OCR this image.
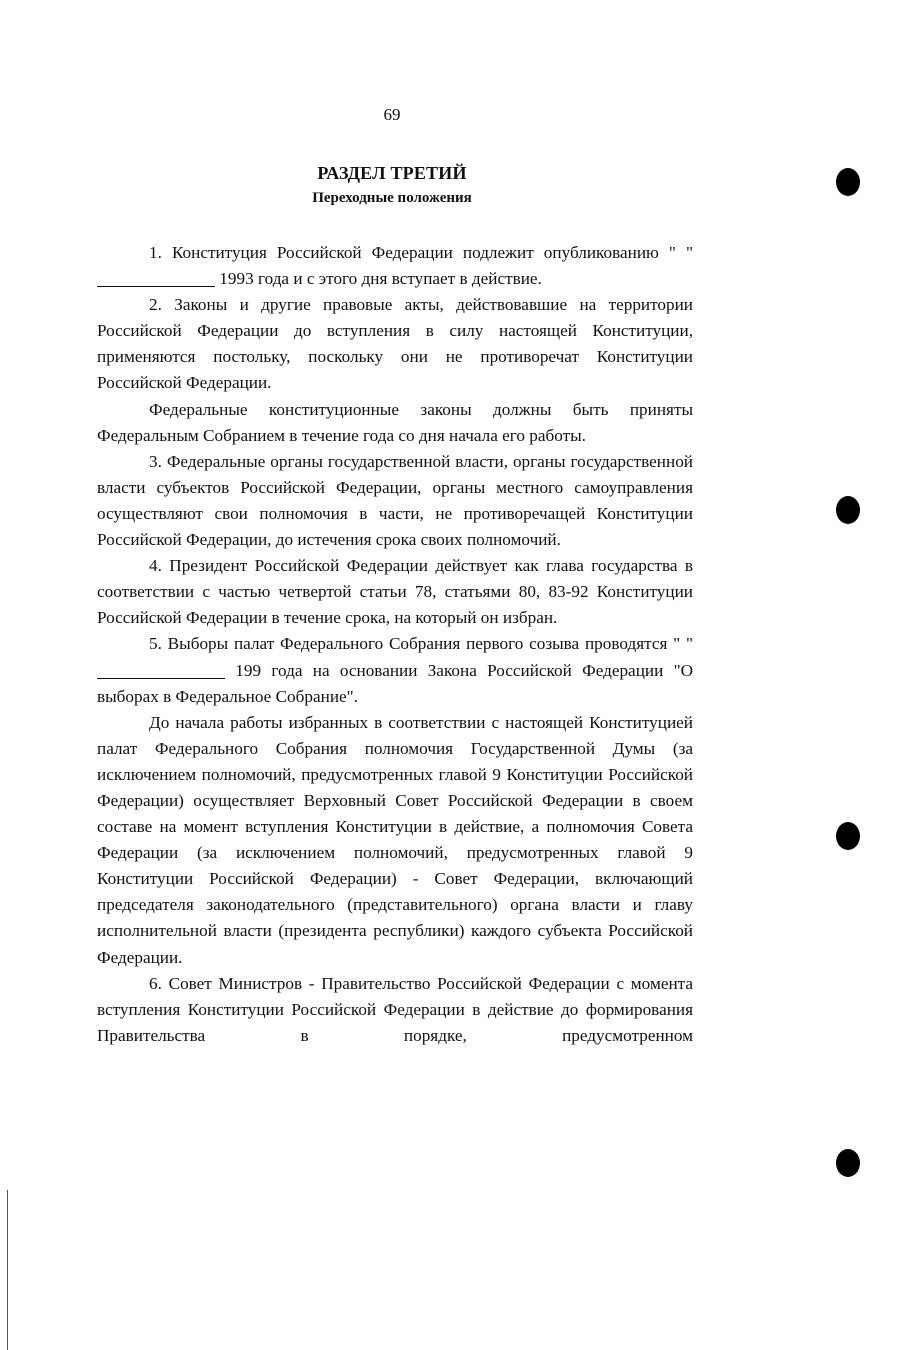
69
РАЗДЕЛ ТРЕТИЙ
Переходные положения

1. Конституция Российской Федерации подлежит опубликованию " "  1993 года и с этого дня вступает в действие.

2. Законы и другие правовые акты, действовавшие на территории Российской Федерации до вступления в силу настоящей Конституции, применяются постольку, поскольку они не противоречат Конституции Российской Федерации.

Федеральные конституционные законы должны быть приняты Федеральным Собранием в течение года со дня начала его работы.

3. Федеральные органы государственной власти, органы государственной власти субъектов Российской Федерации, органы местного самоуправления осуществляют свои полномочия в части, не противоречащей Конституции Российской Федерации, до истечения срока своих полномочий.

4. Президент Российской Федерации действует как глава государства в соответствии с частью четвертой статьи 78, статьями 80, 83-92 Конституции Российской Федерации в течение срока, на который он избран.

5. Выборы палат Федерального Собрания первого созыва проводятся " "  199 года на основании Закона Российской Федерации "О выборах в Федеральное Собрание".

До начала работы избранных в соответствии с настоящей Конституцией палат Федерального Собрания полномочия Государственной Думы (за исключением полномочий, предусмотренных главой 9 Конституции Российской Федерации) осуществляет Верховный Совет Российской Федерации в своем составе на момент вступления Конституции в действие, а полномочия Совета Федерации (за исключением полномочий, предусмотренных главой 9 Конституции Российской Федерации) - Совет Федерации, включающий председателя законодательного (представительного) органа власти и главу исполнительной власти (президента республики) каждого субъекта Российской Федерации.

6. Совет Министров - Правительство Российской Федерации с момента вступления Конституции Российской Федерации в действие до формирования Правительства в порядке, предусмотренном
